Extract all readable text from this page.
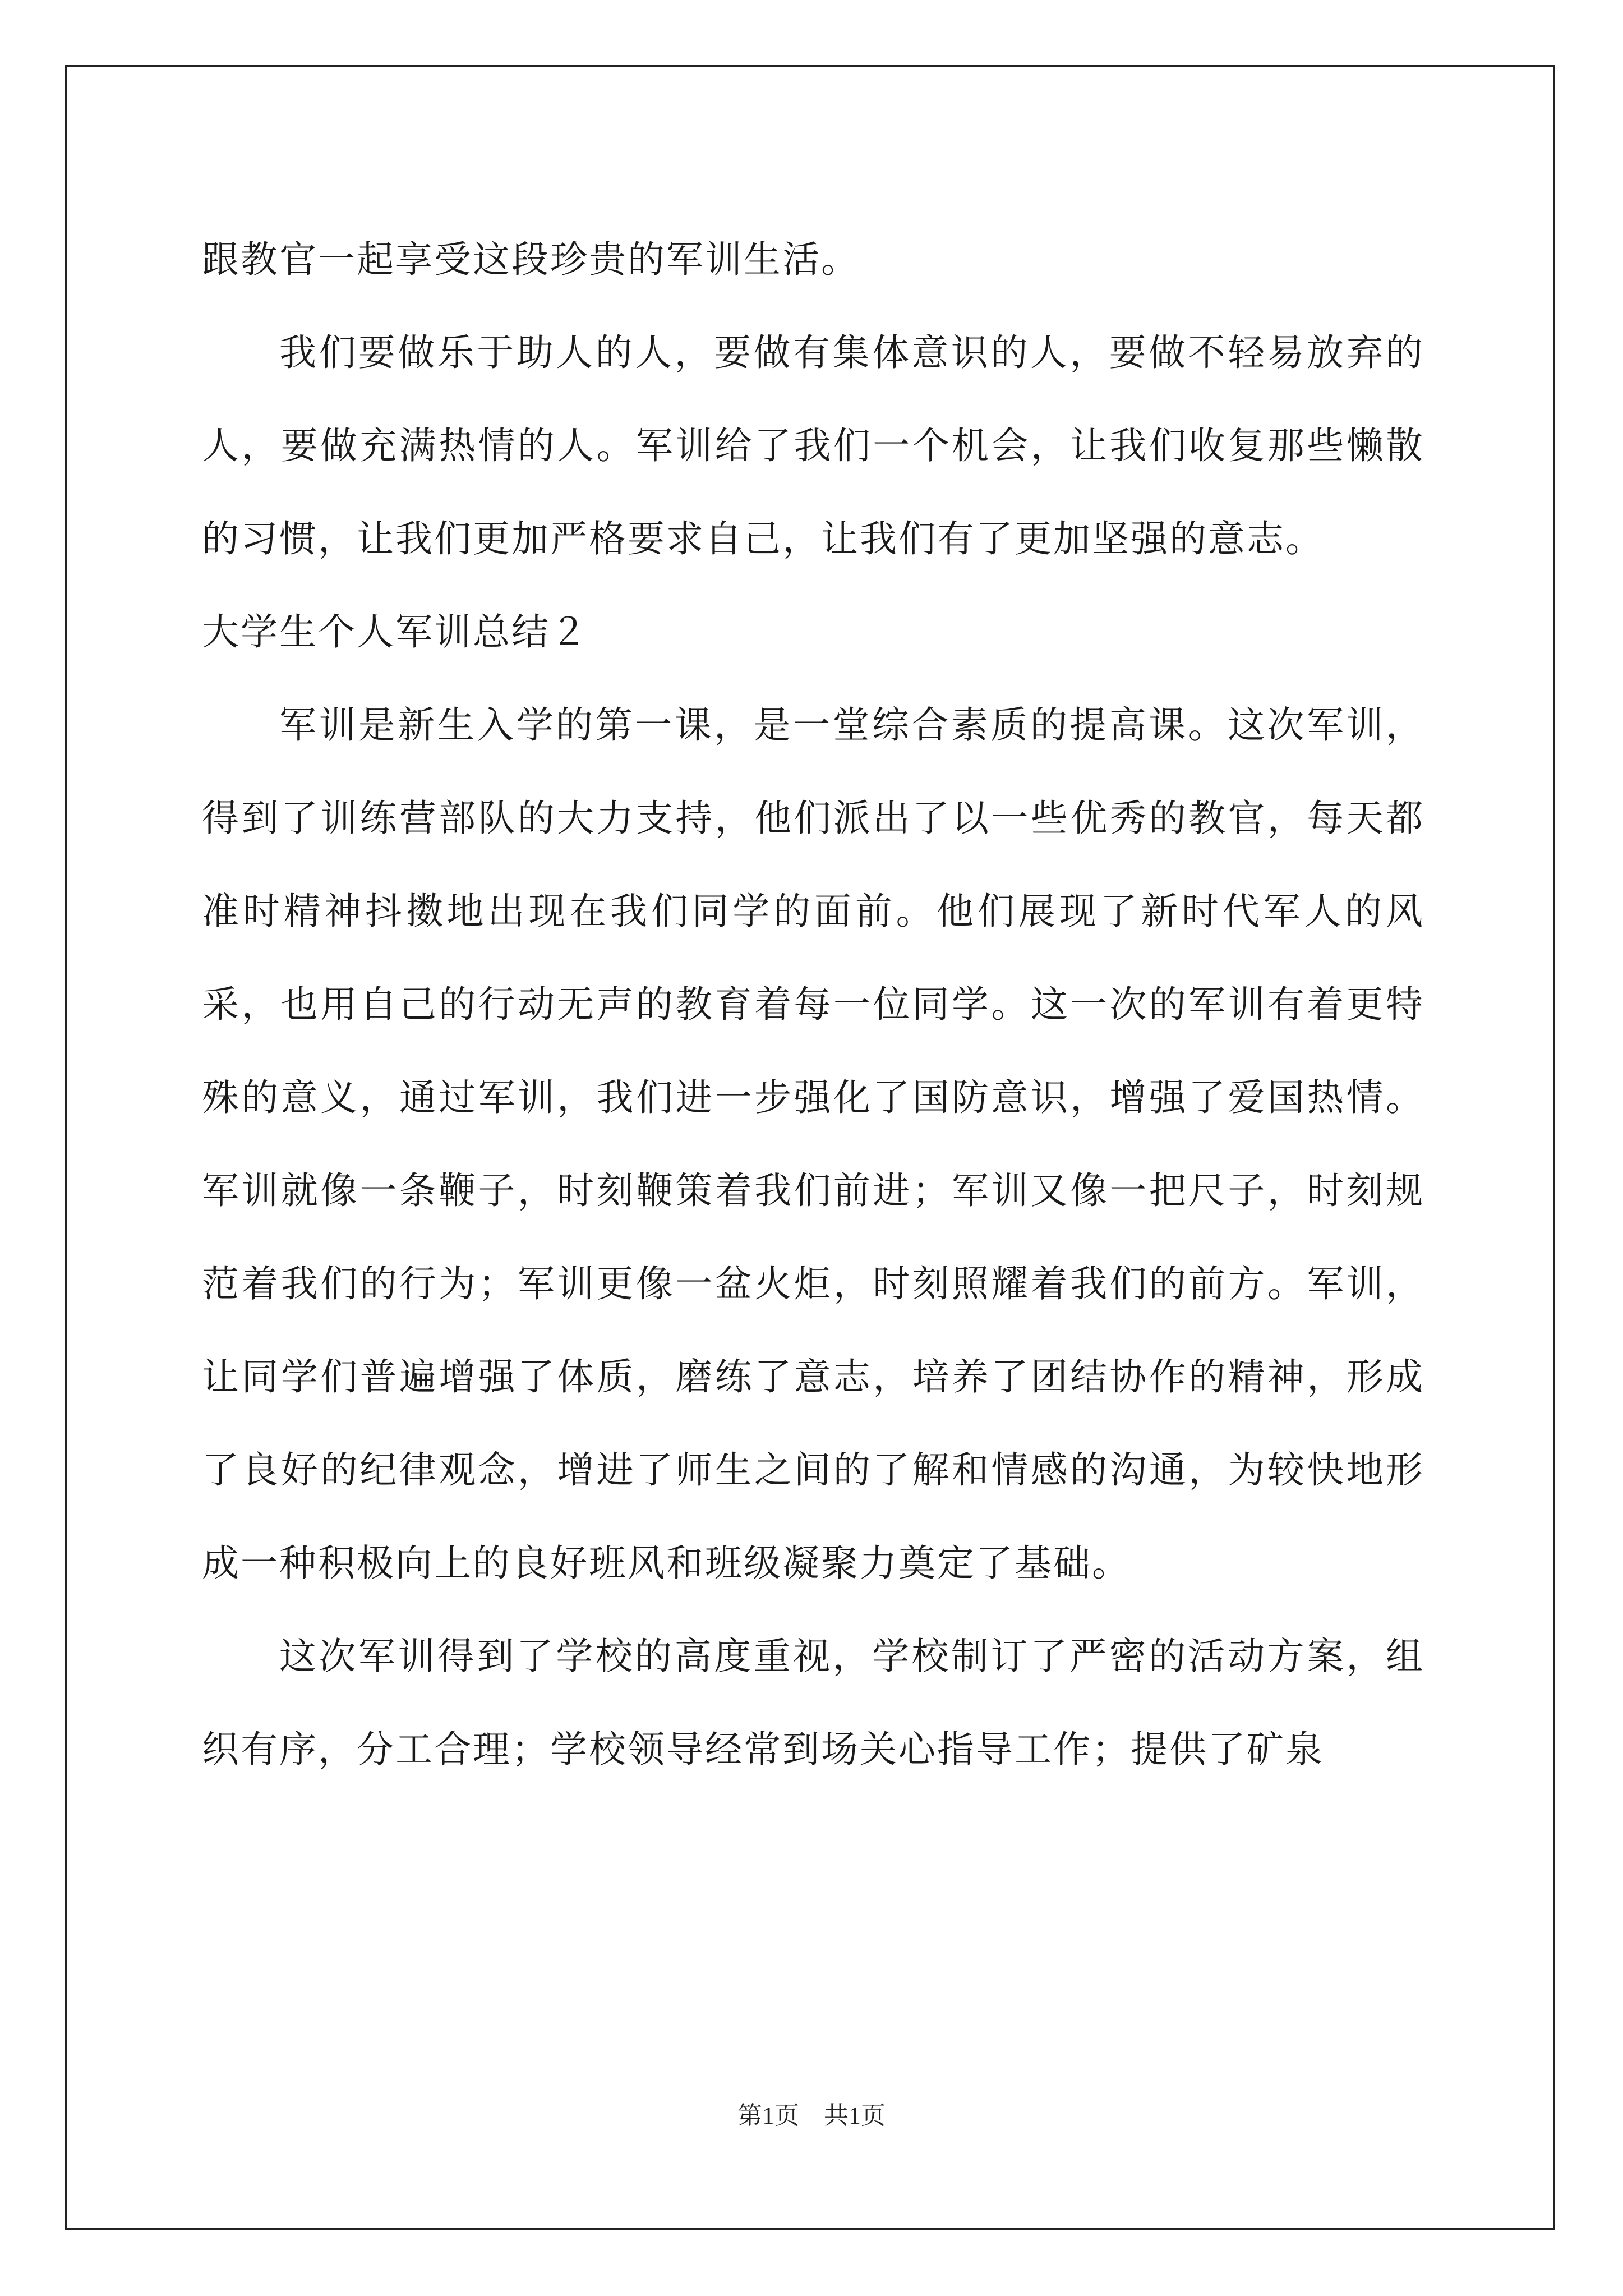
跟教官一起享受这段珍贵的军训生活。

我们要做乐于助人的人，要做有集体意识的人，要做不轻易放弃的人，要做充满热情的人。军训给了我们一个机会，让我们收复那些懒散的习惯，让我们更加严格要求自己，让我们有了更加坚强的意志。

大学生个人军训总结２

军训是新生入学的第一课，是一堂综合素质的提高课。这次军训，得到了训练营部队的大力支持，他们派出了以一些优秀的教官，每天都准时精神抖擞地出现在我们同学的面前。他们展现了新时代军人的风采，也用自己的行动无声的教育着每一位同学。这一次的军训有着更特殊的意义，通过军训，我们进一步强化了国防意识，增强了爱国热情。军训就像一条鞭子，时刻鞭策着我们前进；军训又像一把尺子，时刻规范着我们的行为；军训更像一盆火炬，时刻照耀着我们的前方。军训，让同学们普遍增强了体质，磨练了意志，培养了团结协作的精神，形成了良好的纪律观念，增进了师生之间的了解和情感的沟通，为较快地形成一种积极向上的良好班风和班级凝聚力奠定了基础。

这次军训得到了学校的高度重视，学校制订了严密的活动方案，组织有序，分工合理；学校领导经常到场关心指导工作；提供了矿泉

第1页 共1页
